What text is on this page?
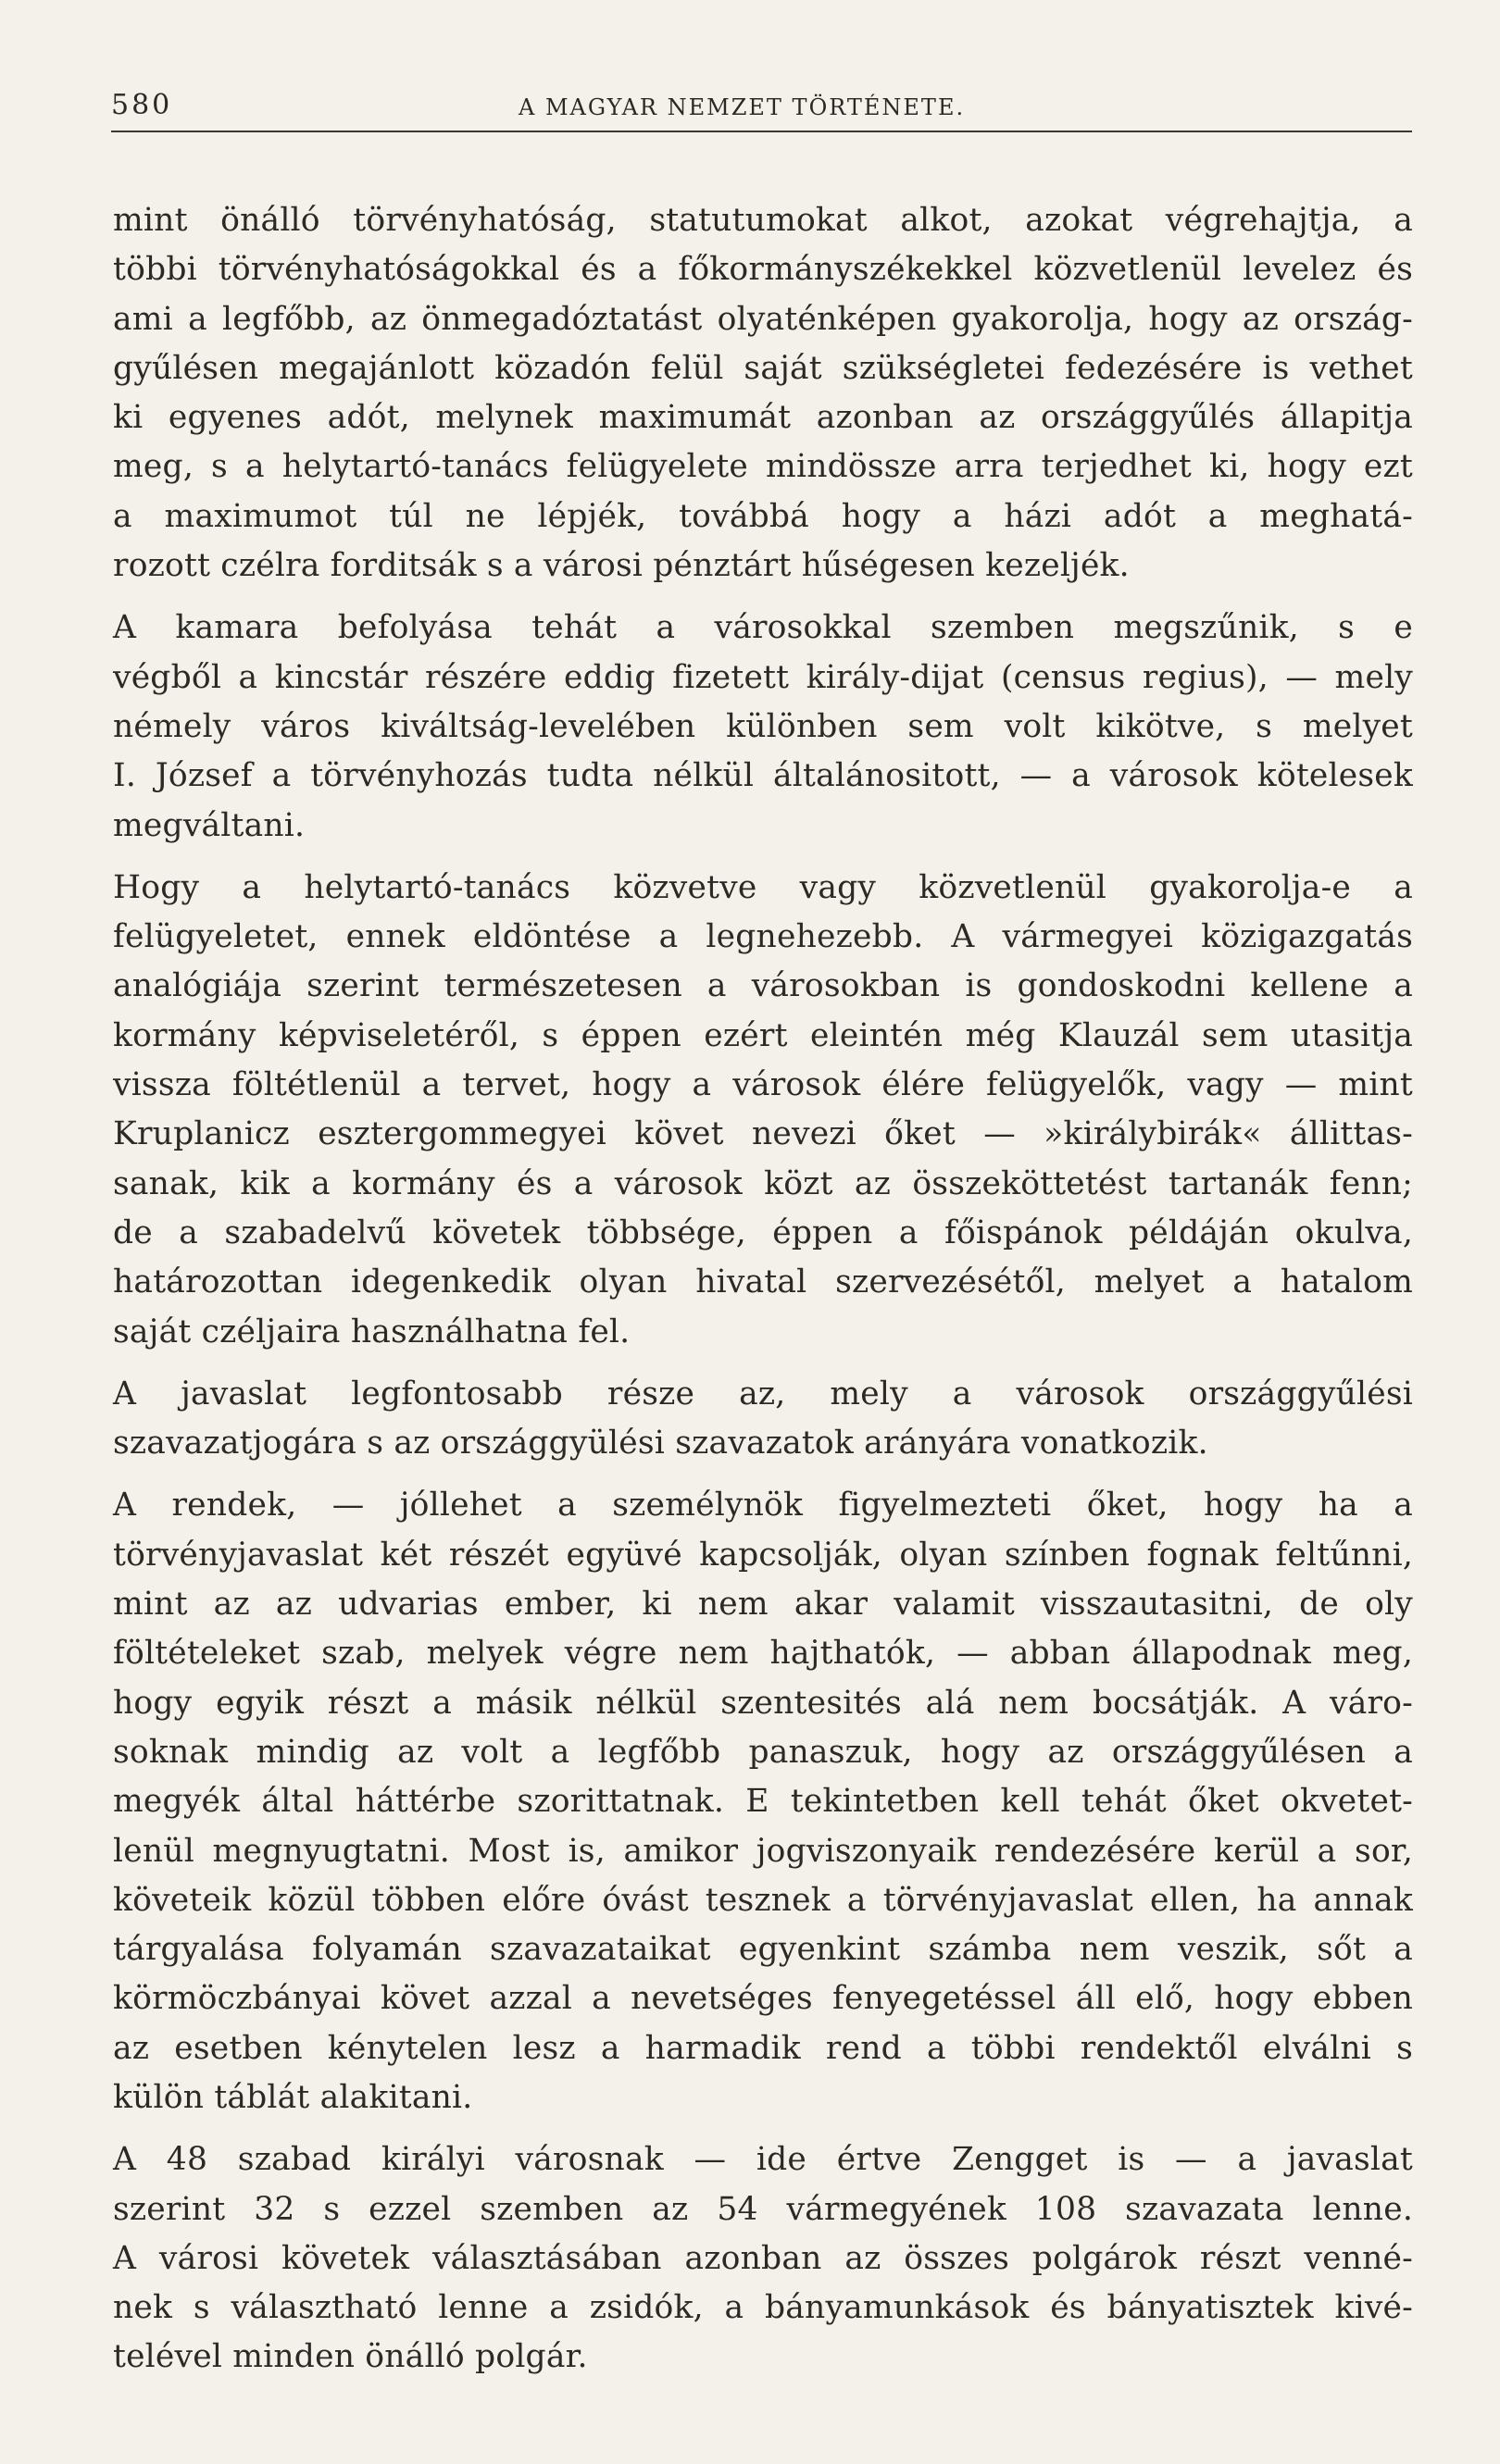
580	A MAGYAR NEMZET TÖRTÉNETE.
mint önálló törvényhatóság, statutumokat alkot, azokat végrehajtja, a
többi törvényhatóságokkal és a főkormányszékekkel közvetlenül levelez és
ami a legfőbb, az önmegadóztatást olyaténképen gyakorolja, hogy az ország-
gyűlésen megajánlott közadón felül saját szükségletei fedezésére is vethet
ki egyenes adót, melynek maximumát azonban az országgyűlés állapitja
meg, s a helytartó-tanács felügyelete mindössze arra terjedhet ki, hogy ezt
a maximumot túl ne lépjék, továbbá hogy a házi adót a meghatá-
rozott czélra forditsák s a városi pénztárt hűségesen kezeljék.
A kamara befolyása tehát a városokkal szemben megszűnik, s e
végből a kincstár részére eddig fizetett király-dijat (census regius), — mely
némely város kiváltság-levelében különben sem volt kikötve, s melyet
I. József a törvényhozás tudta nélkül általánositott, — a városok kötelesek
megváltani.
Hogy a helytartó-tanács közvetve vagy közvetlenül gyakorolja-e a
felügyeletet, ennek eldöntése a legnehezebb. A vármegyei közigazgatás
analógiája szerint természetesen a városokban is gondoskodni kellene a
kormány képviseletéről, s éppen ezért eleintén még Klauzál sem utasitja
vissza föltétlenül a tervet, hogy a városok élére felügyelők, vagy — mint
Kruplanicz esztergommegyei követ nevezi őket — »királybirák« állittas-
sanak, kik a kormány és a városok közt az összeköttetést tartanák fenn;
de a szabadelvű követek többsége, éppen a főispánok példáján okulva,
határozottan idegenkedik olyan hivatal szervezésétől, melyet a hatalom
saját czéljaira használhatna fel.
A javaslat legfontosabb része az, mely a városok országgyűlési
szavazatjogára s az országgyülési szavazatok arányára vonatkozik.
A rendek, — jóllehet a személynök figyelmezteti őket, hogy ha a
törvényjavaslat két részét együvé kapcsolják, olyan színben fognak feltűnni,
mint az az udvarias ember, ki nem akar valamit visszautasitni, de oly
föltételeket szab, melyek végre nem hajthatók, — abban állapodnak meg,
hogy egyik részt a másik nélkül szentesités alá nem bocsátják. A váro-
soknak mindig az volt a legfőbb panaszuk, hogy az országgyűlésen a
megyék által háttérbe szorittatnak. E tekintetben kell tehát őket okvetet-
lenül megnyugtatni. Most is, amikor jogviszonyaik rendezésére kerül a sor,
követeik közül többen előre óvást tesznek a törvényjavaslat ellen, ha annak
tárgyalása folyamán szavazataikat egyenkint számba nem veszik, sőt a
körmöczbányai követ azzal a nevetséges fenyegetéssel áll elő, hogy ebben
az esetben kénytelen lesz a harmadik rend a többi rendektől elválni s
külön táblát alakitani.
A 48 szabad királyi városnak — ide értve Zengget is — a javaslat
szerint 32 s ezzel szemben az 54 vármegyének 108 szavazata lenne.
A városi követek választásában azonban az összes polgárok részt venné-
nek s választható lenne a zsidók, a bányamunkások és bányatisztek kivé-
telével minden önálló polgár.
